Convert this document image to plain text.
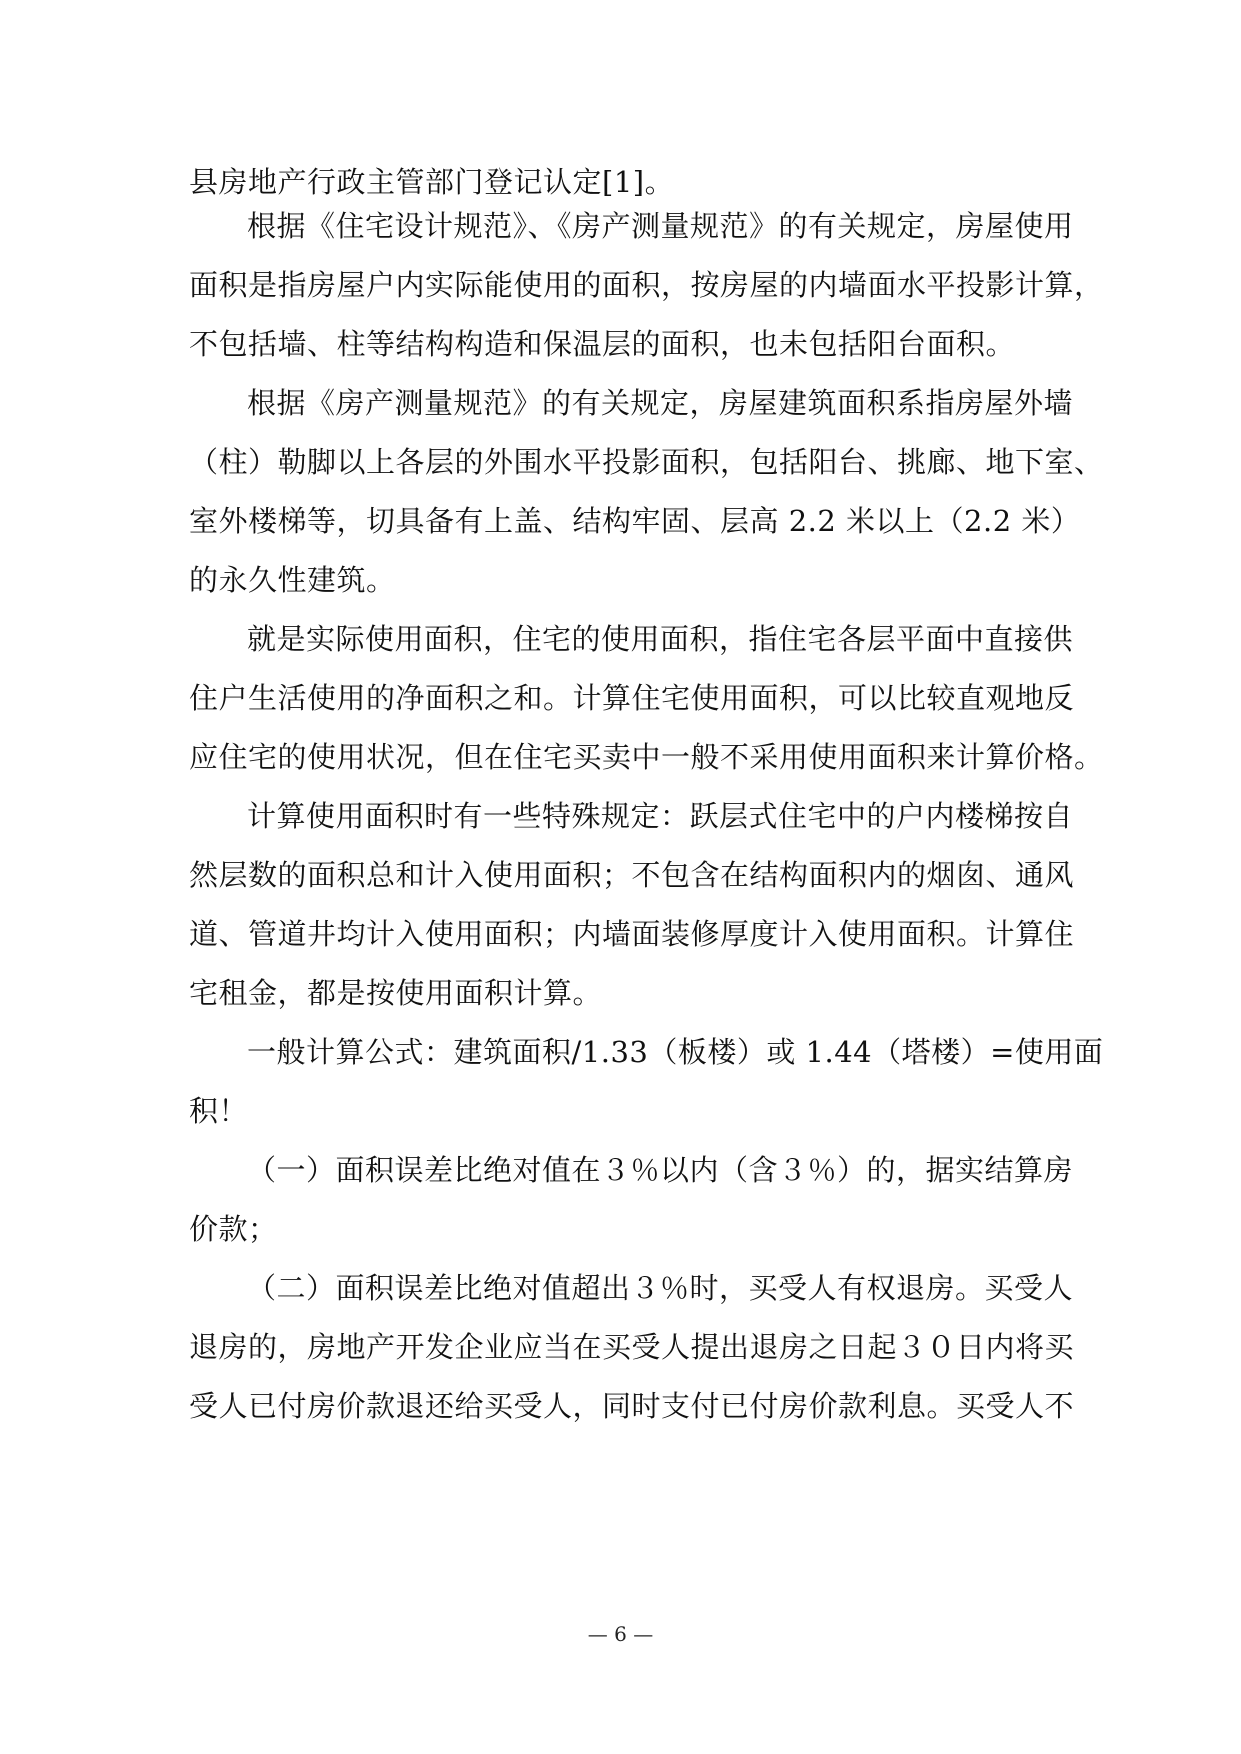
县房地产行政主管部门登记认定[1]。
根据《住宅设计规范》、《房产测量规范》的有关规定，房屋使用
面积是指房屋户内实际能使用的面积，按房屋的内墙面水平投影计算，
不包括墙、柱等结构构造和保温层的面积，也未包括阳台面积。
根据《房产测量规范》的有关规定，房屋建筑面积系指房屋外墙
（柱）勒脚以上各层的外围水平投影面积，包括阳台、挑廊、地下室、
室外楼梯等，切具备有上盖、结构牢固、层高 2.2 米以上（2.2 米）
的永久性建筑。
就是实际使用面积，住宅的使用面积，指住宅各层平面中直接供
住户生活使用的净面积之和。计算住宅使用面积，可以比较直观地反
应住宅的使用状况，但在住宅买卖中一般不采用使用面积来计算价格。
计算使用面积时有一些特殊规定：跃层式住宅中的户内楼梯按自
然层数的面积总和计入使用面积；不包含在结构面积内的烟囱、通风
道、管道井均计入使用面积；内墙面装修厚度计入使用面积。计算住
宅租金，都是按使用面积计算。
一般计算公式：建筑面积/1.33（板楼）或 1.44（塔楼）=使用面
积！
（一）面积误差比绝对值在３％以内（含３％）的，据实结算房
价款；
（二）面积误差比绝对值超出３％时，买受人有权退房。买受人
退房的，房地产开发企业应当在买受人提出退房之日起３０日内将买
受人已付房价款退还给买受人，同时支付已付房价款利息。买受人不
— 6 —
